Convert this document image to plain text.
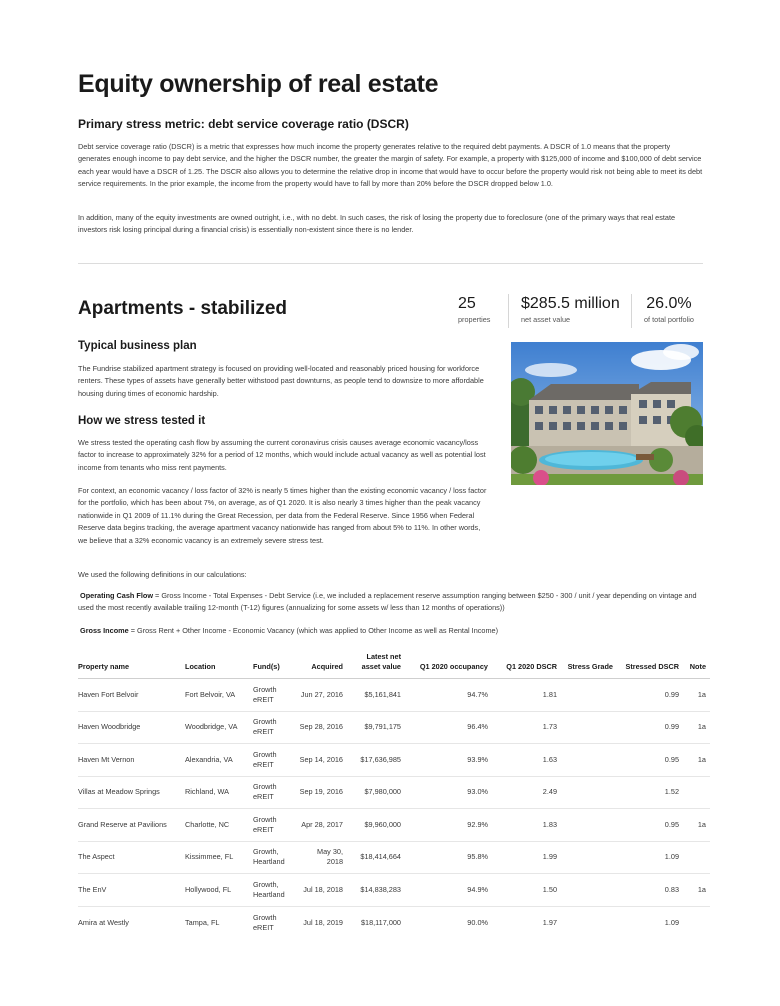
Equity ownership of real estate
Primary stress metric: debt service coverage ratio (DSCR)
Debt service coverage ratio (DSCR) is a metric that expresses how much income the property generates relative to the required debt payments. A DSCR of 1.0 means that the property generates enough income to pay debt service, and the higher the DSCR number, the greater the margin of safety. For example, a property with $125,000 of income and $100,000 of debt service each year would have a DSCR of 1.25. The DSCR also allows you to determine the relative drop in income that would have to occur before the property would risk not being able to meet its debt service requirements. In the prior example, the income from the property would have to fall by more than 20% before the DSCR dropped below 1.0.
In addition, many of the equity investments are owned outright, i.e., with no debt. In such cases, the risk of losing the property due to foreclosure (one of the primary ways that real estate investors risk losing principal during a financial crisis) is essentially non-existent since there is no lender.
Apartments - stabilized	25
properties
$285.5 million
net asset value
26.0%
of total portfolio
Typical business plan
The Fundrise stabilized apartment strategy is focused on providing well-located and reasonably priced housing for workforce renters. These types of assets have generally better withstood past downturns, as people tend to downsize to more affordable housing during times of economic hardship.
How we stress tested it
We stress tested the operating cash flow by assuming the current coronavirus crisis causes average economic vacancy/loss factor to increase to approximately 32% for a period of 12 months, which would include actual vacancy as well as potential lost income from tenants who miss rent payments.
For context, an economic vacancy / loss factor of 32% is nearly 5 times higher than the existing economic vacancy / loss factor for the portfolio, which has been about 7%, on average, as of Q1 2020. It is also nearly 3 times higher than the peak vacancy nationwide in Q1 2009 of 11.1% during the Great Recession, per data from the Federal Reserve. Since 1956 when Federal Reserve data begins tracking, the average apartment vacancy nationwide has ranged from about 5% to 11%. In other words, we believe that a 32% economic vacancy is an extremely severe stress test.
We used the following definitions in our calculations:
Operating Cash Flow = Gross Income - Total Expenses - Debt Service (i.e, we included a replacement reserve assumption ranging between $250 - 300 / unit / year depending on vintage and used the most recently available trailing 12-month (T-12) figures (annualizing for some assets w/ less than 12 months of operations))
Gross Income = Gross Rent + Other Income - Economic Vacancy (which was applied to Other Income as well as Rental Income)
Property name	Location	Fund(s)	Acquired	Latest net asset value	Q1 2020 occupancy	Q1 2020 DSCR	Stress Grade	Stressed DSCR	Note
Haven Fort Belvoir	Fort Belvoir, VA	Growth eREIT	Jun 27, 2016	$5,161,841	94.7%	1.81		0.99	1a
Haven Woodbridge	Woodbridge, VA	Growth eREIT	Sep 28, 2016	$9,791,175	96.4%	1.73		0.99	1a
Haven Mt Vernon	Alexandria, VA	Growth eREIT	Sep 14, 2016	$17,636,985	93.9%	1.63		0.95	1a
Villas at Meadow Springs	Richland, WA	Growth eREIT	Sep 19, 2016	$7,980,000	93.0%	2.49		1.52	
Grand Reserve at Pavilions	Charlotte, NC	Growth eREIT	Apr 28, 2017	$9,960,000	92.9%	1.83		0.95	1a
The Aspect	Kissimmee, FL	Growth, Heartland	May 30, 2018	$18,414,664	95.8%	1.99		1.09	
The EnV	Hollywood, FL	Growth, Heartland	Jul 18, 2018	$14,838,283	94.9%	1.50		0.83	1a
Amira at Westly	Tampa, FL	Growth eREIT	Jul 18, 2019	$18,117,000	90.0%	1.97		1.09	
